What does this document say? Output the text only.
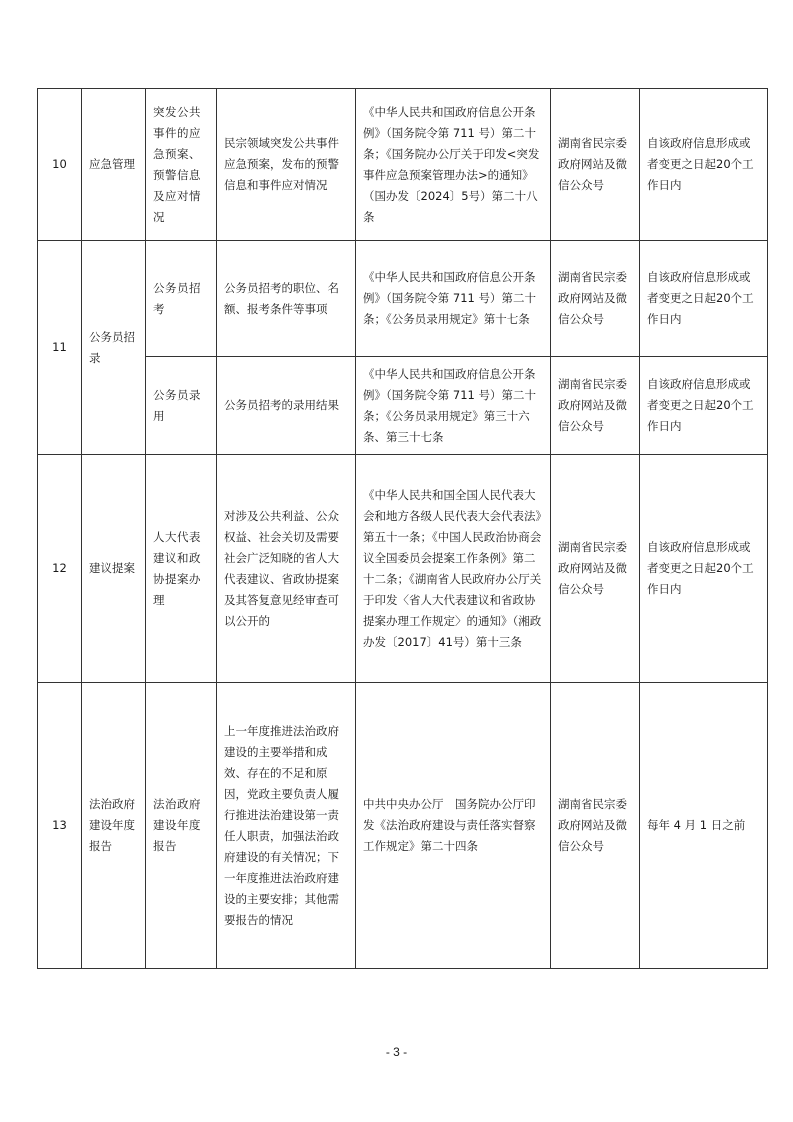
10	应急管理	突发公共事件的应急预案、预警信息及应对情况	民宗领域突发公共事件应急预案，发布的预警信息和事件应对情况	《中华人民共和国政府信息公开条例》（国务院令第 711 号）第二十条；《国务院办公厅关于印发<突发事件应急预案管理办法>的通知》（国办发〔2024〕5号）第二十八条	湖南省民宗委政府网站及微信公众号	自该政府信息形成或者变更之日起20个工作日内
11	公务员招录	公务员招考	公务员招考的职位、名额、报考条件等事项	《中华人民共和国政府信息公开条例》（国务院令第 711 号）第二十条；《公务员录用规定》第十七条	湖南省民宗委政府网站及微信公众号	自该政府信息形成或者变更之日起20个工作日内
		公务员录用	公务员招考的录用结果	《中华人民共和国政府信息公开条例》（国务院令第 711 号）第二十条；《公务员录用规定》第三十六条、第三十七条	湖南省民宗委政府网站及微信公众号	自该政府信息形成或者变更之日起20个工作日内
12	建议提案	人大代表建议和政协提案办理	对涉及公共利益、公众权益、社会关切及需要社会广泛知晓的省人大代表建议、省政协提案及其答复意见经审查可以公开的	《中华人民共和国全国人民代表大会和地方各级人民代表大会代表法》第五十一条；《中国人民政治协商会议全国委员会提案工作条例》第二十二条；《湖南省人民政府办公厅关于印发〈省人大代表建议和省政协提案办理工作规定〉的通知》（湘政办发〔2017〕41号）第十三条	湖南省民宗委政府网站及微信公众号	自该政府信息形成或者变更之日起20个工作日内
13	法治政府建设年度报告	法治政府建设年度报告	上一年度推进法治政府建设的主要举措和成效、存在的不足和原因，党政主要负责人履行推进法治建设第一责任人职责，加强法治政府建设的有关情况；下一年度推进法治政府建设的主要安排；其他需要报告的情况	中共中央办公厅　国务院办公厅印发《法治政府建设与责任落实督察工作规定》第二十四条	湖南省民宗委政府网站及微信公众号	每年 4 月 1 日之前
- 3 -
